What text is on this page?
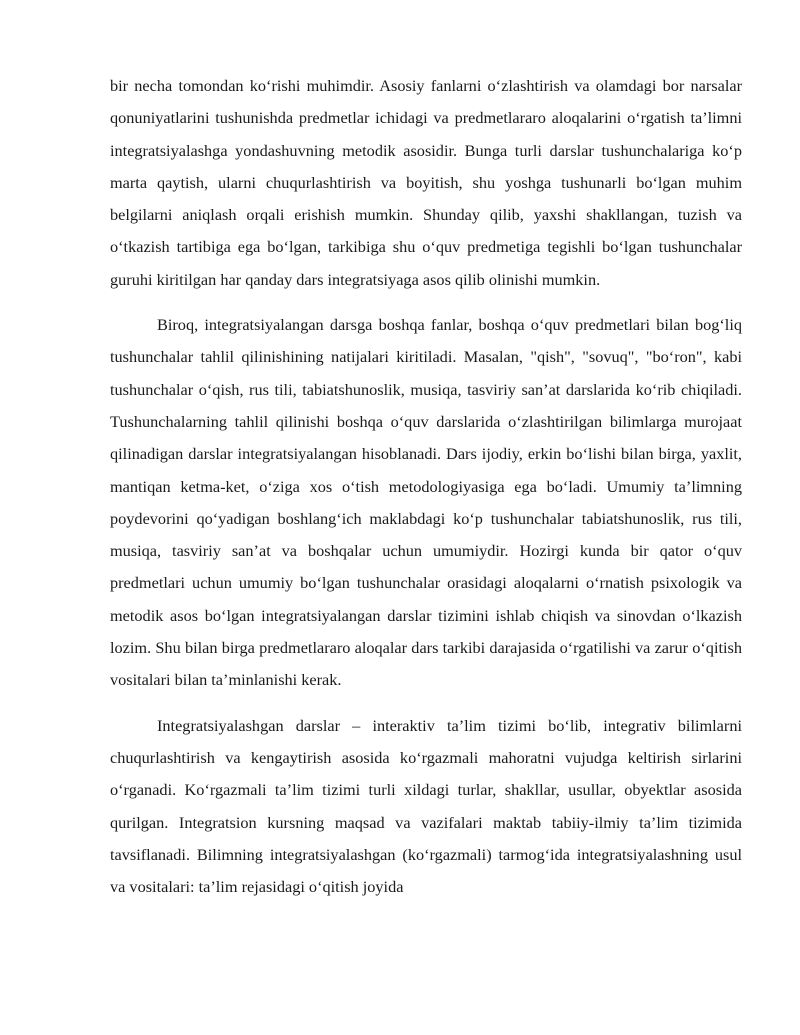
bir necha tomondan ko‘rishi muhimdir. Asosiy fanlarni o‘zlashtirish va olamdagi bor narsalar qonuniyatlarini tushunishda predmetlar ichidagi va predmetlararo aloqalarini o‘rgatish ta’limni integratsiyalashga yondashuvning metodik asosidir. Bunga turli darslar tushunchalariga ko‘p marta qaytish, ularni chuqurlashtirish va boyitish, shu yoshga tushunarli bo‘lgan muhim belgilarni aniqlash orqali erishish mumkin. Shunday qilib, yaxshi shakllangan, tuzish va o‘tkazish tartibiga ega bo‘lgan, tarkibiga shu o‘quv predmetiga tegishli bo‘lgan tushunchalar guruhi kiritilgan har qanday dars integratsiyaga asos qilib olinishi mumkin.

Biroq, integratsiyalangan darsga boshqa fanlar, boshqa o‘quv predmetlari bilan bog‘liq tushunchalar tahlil qilinishining natijalari kiritiladi. Masalan, "qish", "sovuq", "bo‘ron", kabi tushunchalar o‘qish, rus tili, tabiatshunoslik, musiqa, tasviriy san’at darslarida ko‘rib chiqiladi. Tushunchalarning tahlil qilinishi boshqa o‘quv darslarida o‘zlashtirilgan bilimlarga murojaat qilinadigan darslar integratsiyalangan hisoblanadi. Dars ijodiy, erkin bo‘lishi bilan birga, yaxlit, mantiqan ketma-ket, o‘ziga xos o‘tish metodologiyasiga ega bo‘ladi. Umumiy ta’limning poydevorini qo‘yadigan boshlang‘ich maklabdagi ko‘p tushunchalar tabiatshunoslik, rus tili, musiqa, tasviriy san’at va boshqalar uchun umumiydir. Hozirgi kunda bir qator o‘quv predmetlari uchun umumiy bo‘lgan tushunchalar orasidagi aloqalarni o‘rnatish psixologik va metodik asos bo‘lgan integratsiyalangan darslar tizimini ishlab chiqish va sinovdan o‘lkazish lozim. Shu bilan birga predmetlararo aloqalar dars tarkibi darajasida o‘rgatilishi va zarur o‘qitish vositalari bilan ta’minlanishi kerak.

Integratsiyalashgan darslar – interaktiv ta’lim tizimi bo‘lib, integrativ bilimlarni chuqurlashtirish va kengaytirish asosida ko‘rgazmali mahoratni vujudga keltirish sirlarini o‘rganadi. Ko‘rgazmali ta’lim tizimi turli xildagi turlar, shakllar, usullar, obyektlar asosida qurilgan. Integratsion kursning maqsad va vazifalari maktab tabiiy-ilmiy ta’lim tizimida tavsiflanadi. Bilimning integratsiyalashgan (ko‘rgazmali) tarmog‘ida integratsiyalashning usul va vositalari: ta’lim rejasidagi o‘qitish joyida
